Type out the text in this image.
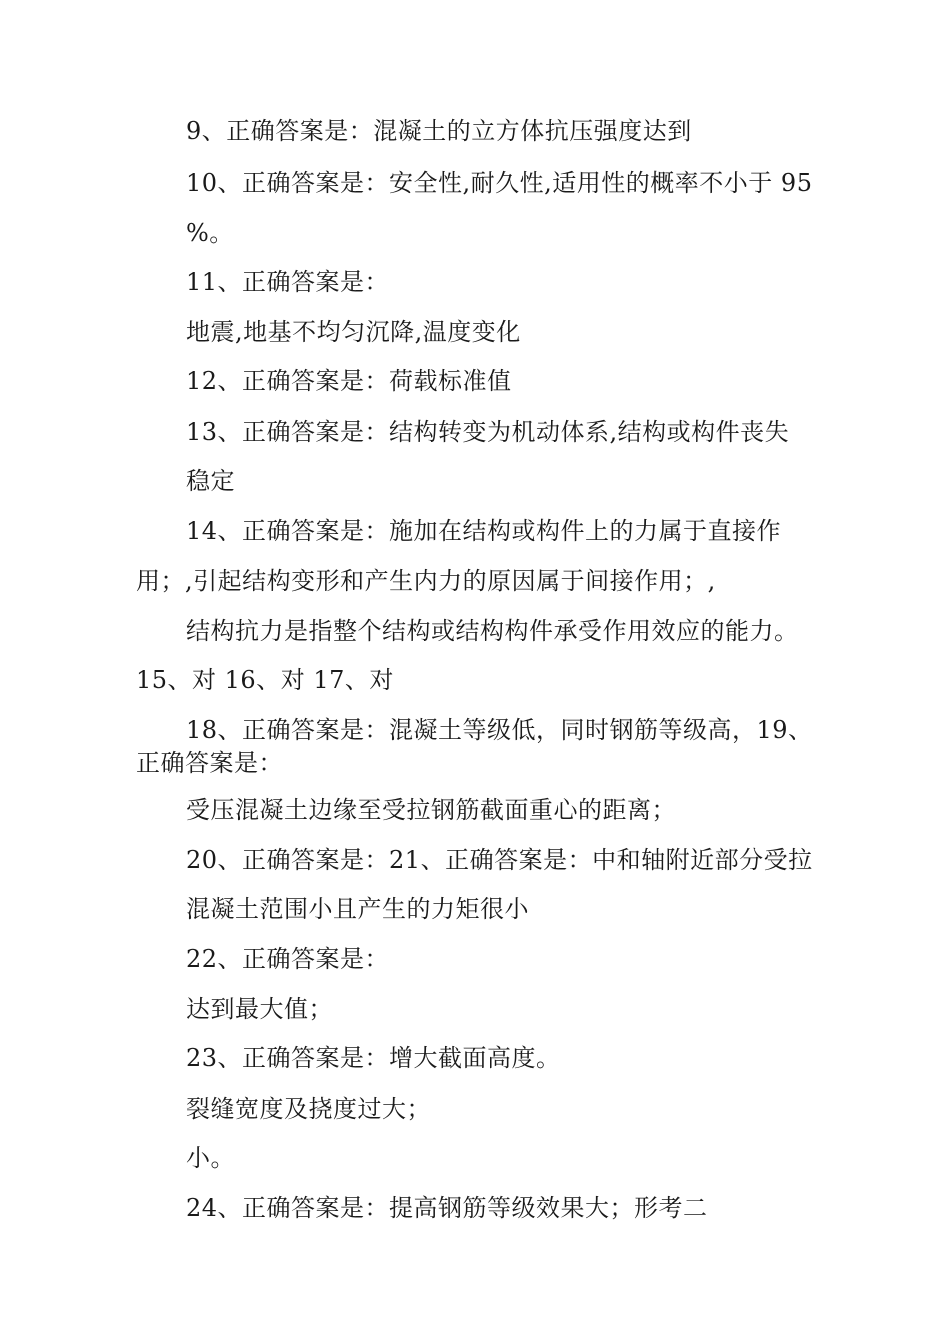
9、正确答案是：混凝土的立方体抗压强度达到
10、正确答案是：安全性,耐久性,适用性的概率不小于 95
%。
11、正确答案是：
地震,地基不均匀沉降,温度变化
12、正确答案是：荷载标准值
13、正确答案是：结构转变为机动体系,结构或构件丧失
稳定
14、正确答案是：施加在结构或构件上的力属于直接作
用；,引起结构变形和产生内力的原因属于间接作用；,
结构抗力是指整个结构或结构构件承受作用效应的能力。
15、对 16、对 17、对
18、正确答案是：混凝土等级低，同时钢筋等级高，19、
正确答案是：
受压混凝土边缘至受拉钢筋截面重心的距离；
20、正确答案是：21、正确答案是：中和轴附近部分受拉
混凝土范围小且产生的力矩很小
22、正确答案是：
达到最大值；
23、正确答案是：增大截面高度。
裂缝宽度及挠度过大；
小。
24、正确答案是：提高钢筋等级效果大；形考二
